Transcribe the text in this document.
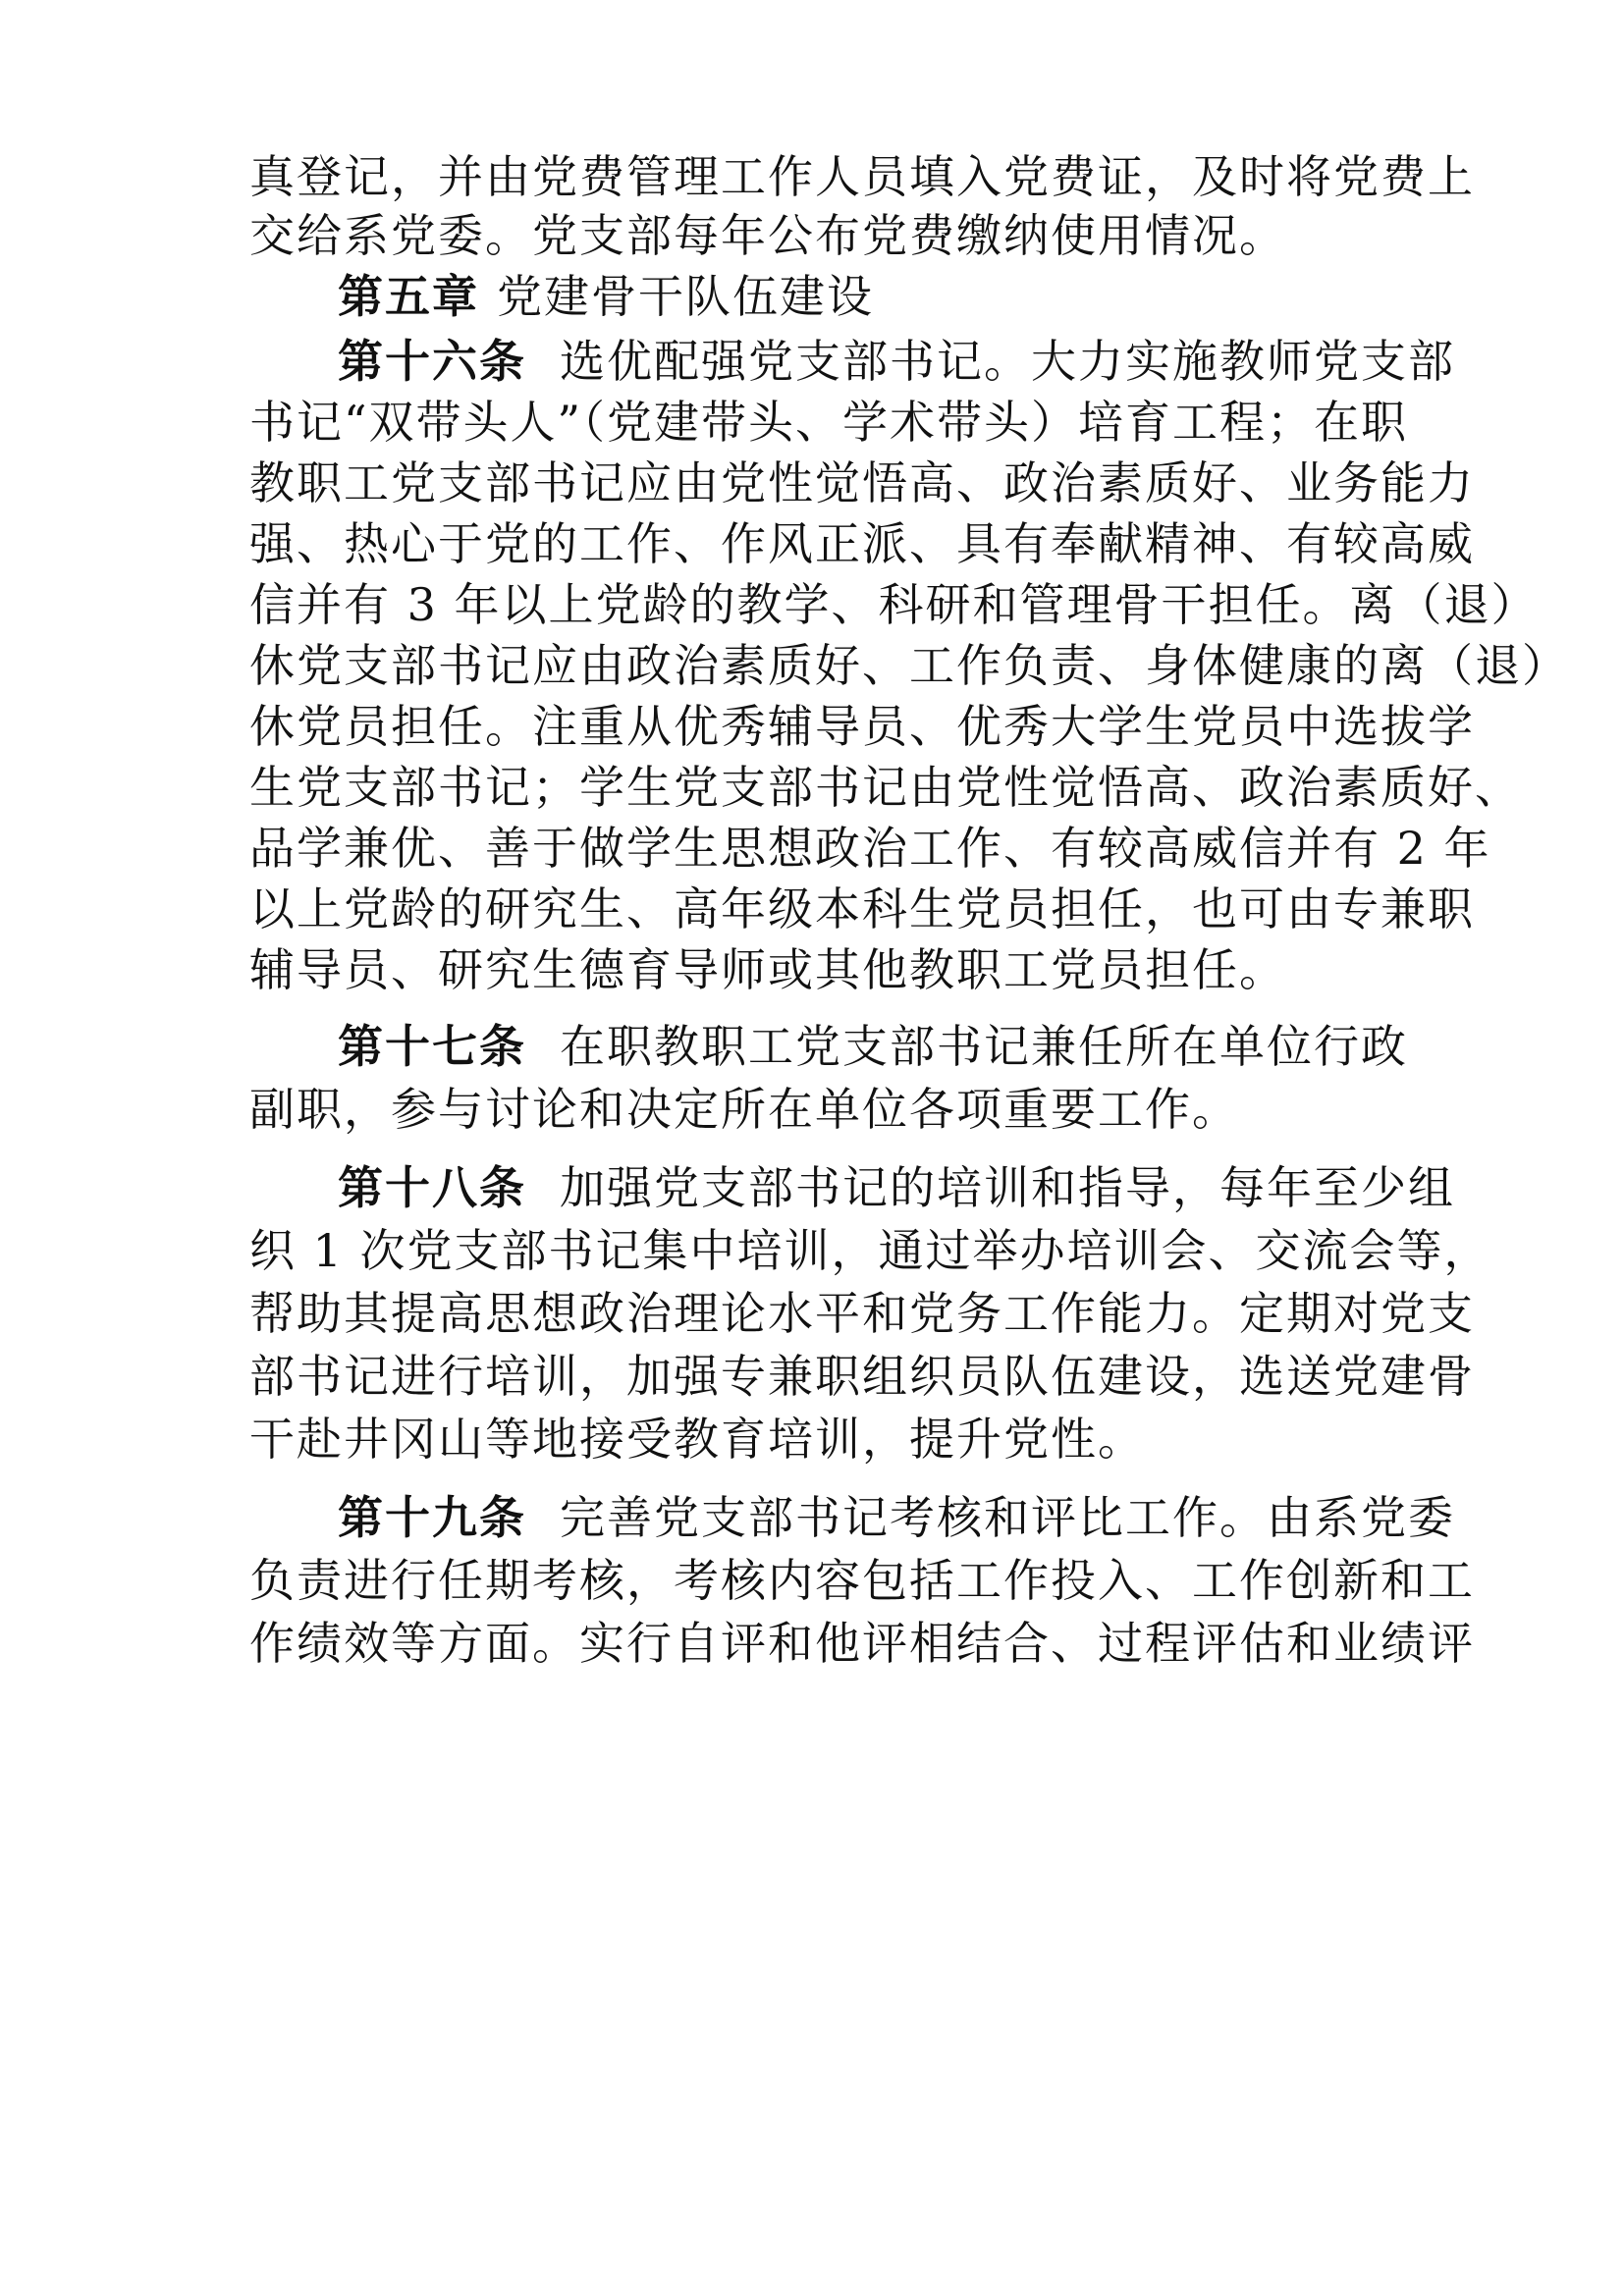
真登记，并由党费管理工作人员填入党费证，及时将党费上
交给系党委。党支部每年公布党费缴纳使用情况。
第五章 党建骨干队伍建设
第十六条 选优配强党支部书记。大力实施教师党支部
书记“双带头人”（党建带头、学术带头）培育工程；在职
教职工党支部书记应由党性觉悟高、政治素质好、业务能力
强、热心于党的工作、作风正派、具有奉献精神、有较高威
信并有 3 年以上党龄的教学、科研和管理骨干担任。离（退）
休党支部书记应由政治素质好、工作负责、身体健康的离（退）
休党员担任。注重从优秀辅导员、优秀大学生党员中选拔学
生党支部书记；学生党支部书记由党性觉悟高、政治素质好、
品学兼优、善于做学生思想政治工作、有较高威信并有 2 年
以上党龄的研究生、高年级本科生党员担任，也可由专兼职
辅导员、研究生德育导师或其他教职工党员担任。
第十七条 在职教职工党支部书记兼任所在单位行政
副职，参与讨论和决定所在单位各项重要工作。
第十八条 加强党支部书记的培训和指导，每年至少组
织 1 次党支部书记集中培训，通过举办培训会、交流会等，
帮助其提高思想政治理论水平和党务工作能力。定期对党支
部书记进行培训，加强专兼职组织员队伍建设，选送党建骨
干赴井冈山等地接受教育培训，提升党性。
第十九条 完善党支部书记考核和评比工作。由系党委
负责进行任期考核，考核内容包括工作投入、工作创新和工
作绩效等方面。实行自评和他评相结合、过程评估和业绩评
